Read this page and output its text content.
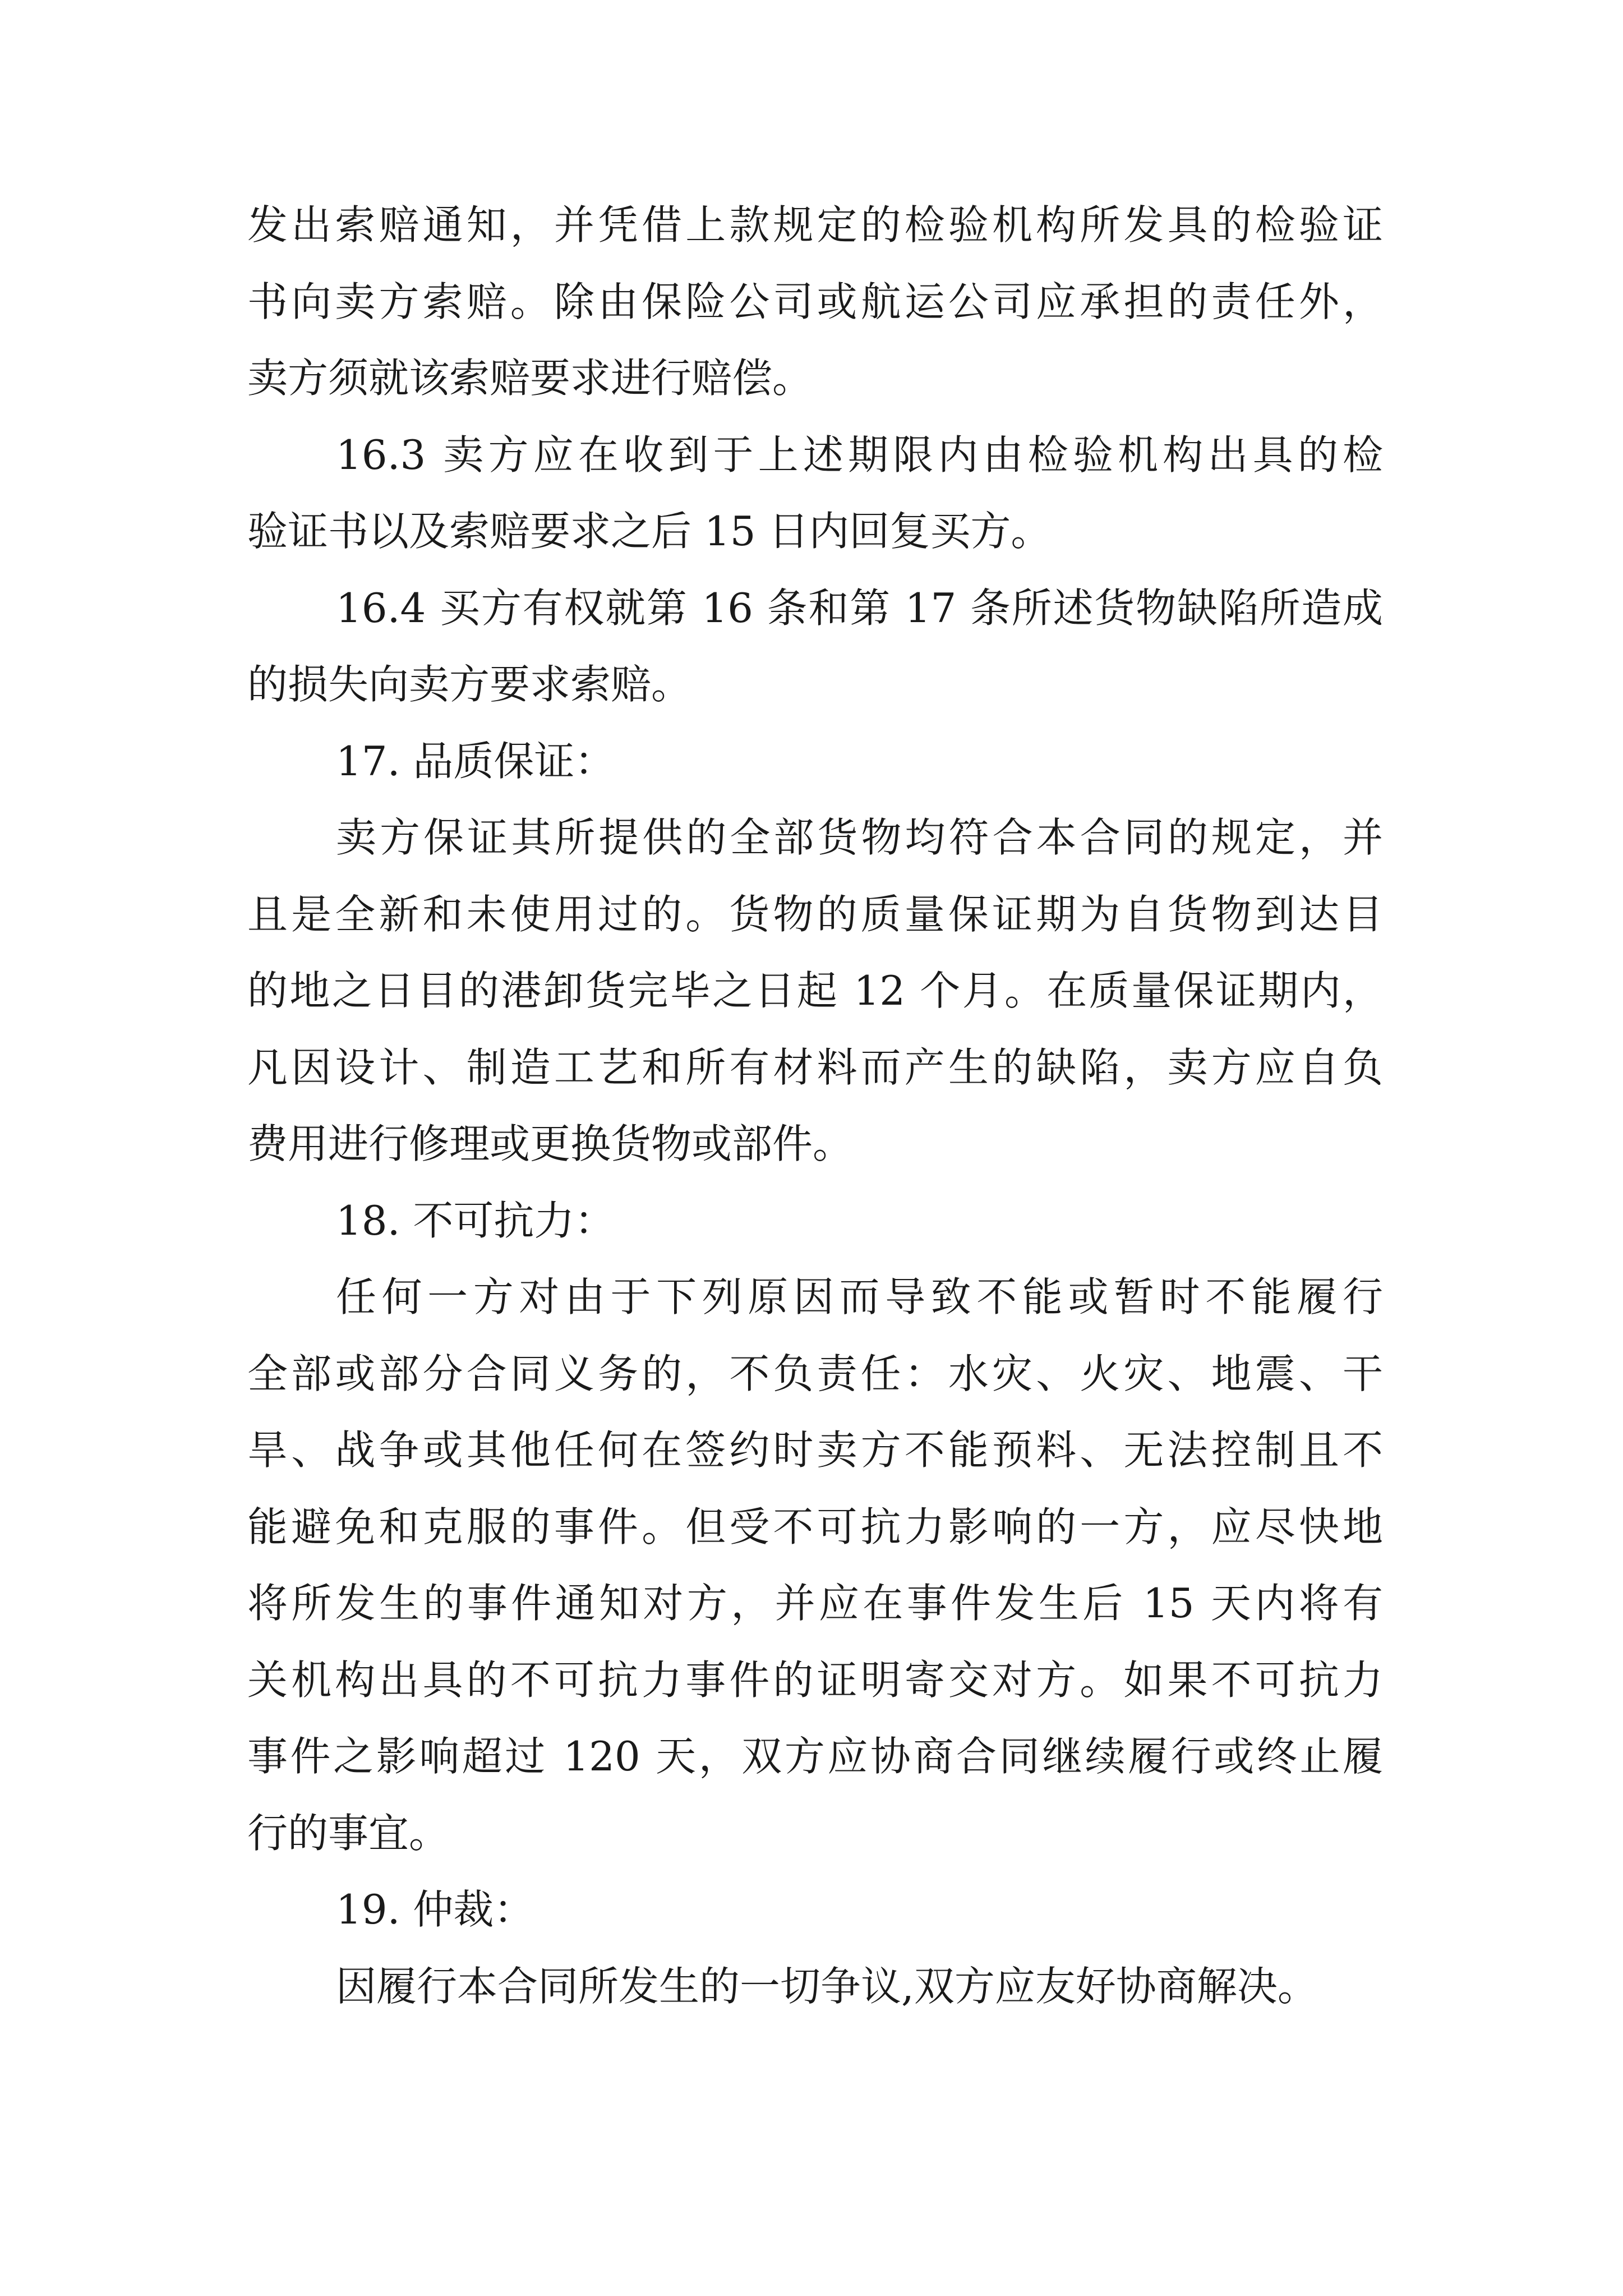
发出索赔通知，并凭借上款规定的检验机构所发具的检验证
书向卖方索赔。除由保险公司或航运公司应承担的责任外，
卖方须就该索赔要求进行赔偿。
16.3 卖方应在收到于上述期限内由检验机构出具的检
验证书以及索赔要求之后 15 日内回复买方。
16.4 买方有权就第 16 条和第 17 条所述货物缺陷所造成
的损失向卖方要求索赔。
17. 品质保证：
卖方保证其所提供的全部货物均符合本合同的规定，并
且是全新和未使用过的。货物的质量保证期为自货物到达目
的地之日目的港卸货完毕之日起 12 个月。在质量保证期内，
凡因设计、制造工艺和所有材料而产生的缺陷，卖方应自负
费用进行修理或更换货物或部件。
18. 不可抗力：
任何一方对由于下列原因而导致不能或暂时不能履行
全部或部分合同义务的，不负责任：水灾、火灾、地震、干
旱、战争或其他任何在签约时卖方不能预料、无法控制且不
能避免和克服的事件。但受不可抗力影响的一方，应尽快地
将所发生的事件通知对方，并应在事件发生后 15 天内将有
关机构出具的不可抗力事件的证明寄交对方。如果不可抗力
事件之影响超过 120 天，双方应协商合同继续履行或终止履
行的事宜。
19. 仲裁：
因履行本合同所发生的一切争议,双方应友好协商解决。
